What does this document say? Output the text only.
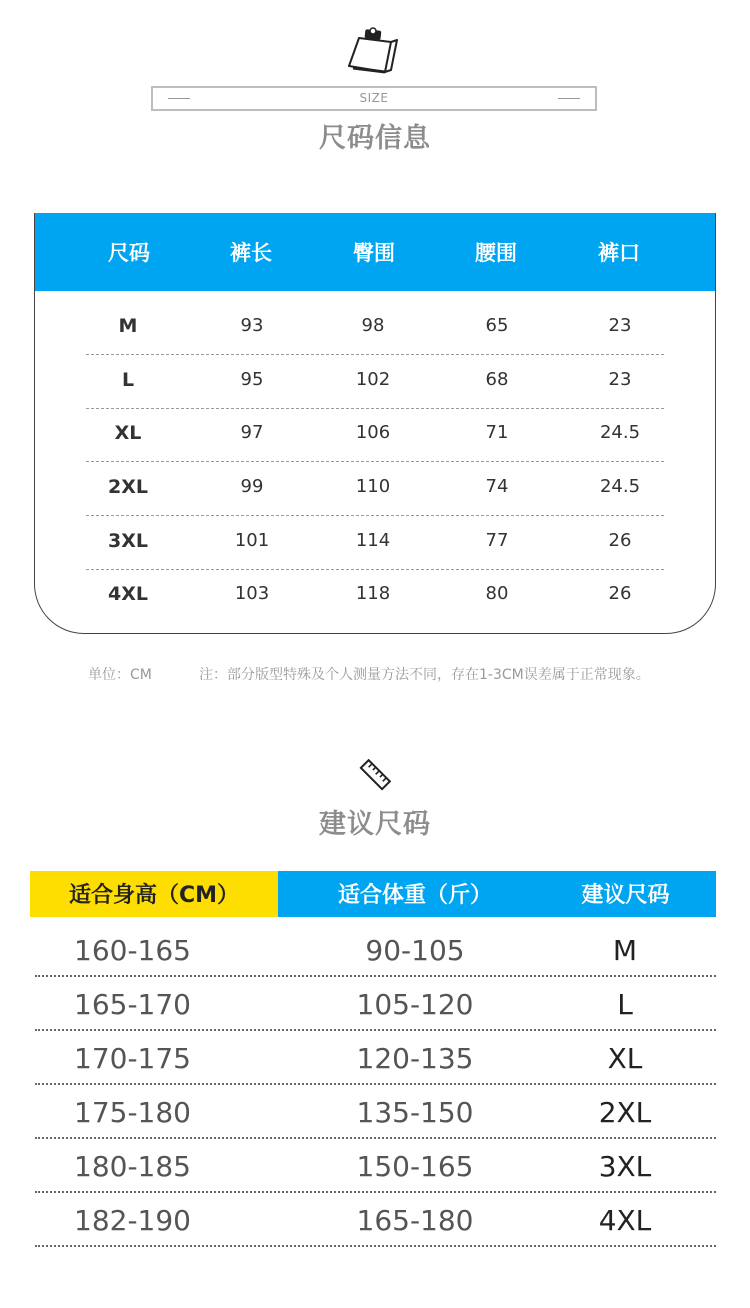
SIZE
尺码信息
尺码	裤长	臀围	腰围	裤口
M	93	98	65	23
L	95	102	68	23
XL	97	106	71	24.5
2XL	99	110	74	24.5
3XL	101	114	77	26
4XL	103	118	80	26
单位：CM	注：部分版型特殊及个人测量方法不同，存在1-3CM误差属于正常现象。
建议尺码
适合身高（CM）	适合体重（斤）	建议尺码
160-165	90-105	M
165-170	105-120	L
170-175	120-135	XL
175-180	135-150	2XL
180-185	150-165	3XL
182-190	165-180	4XL
